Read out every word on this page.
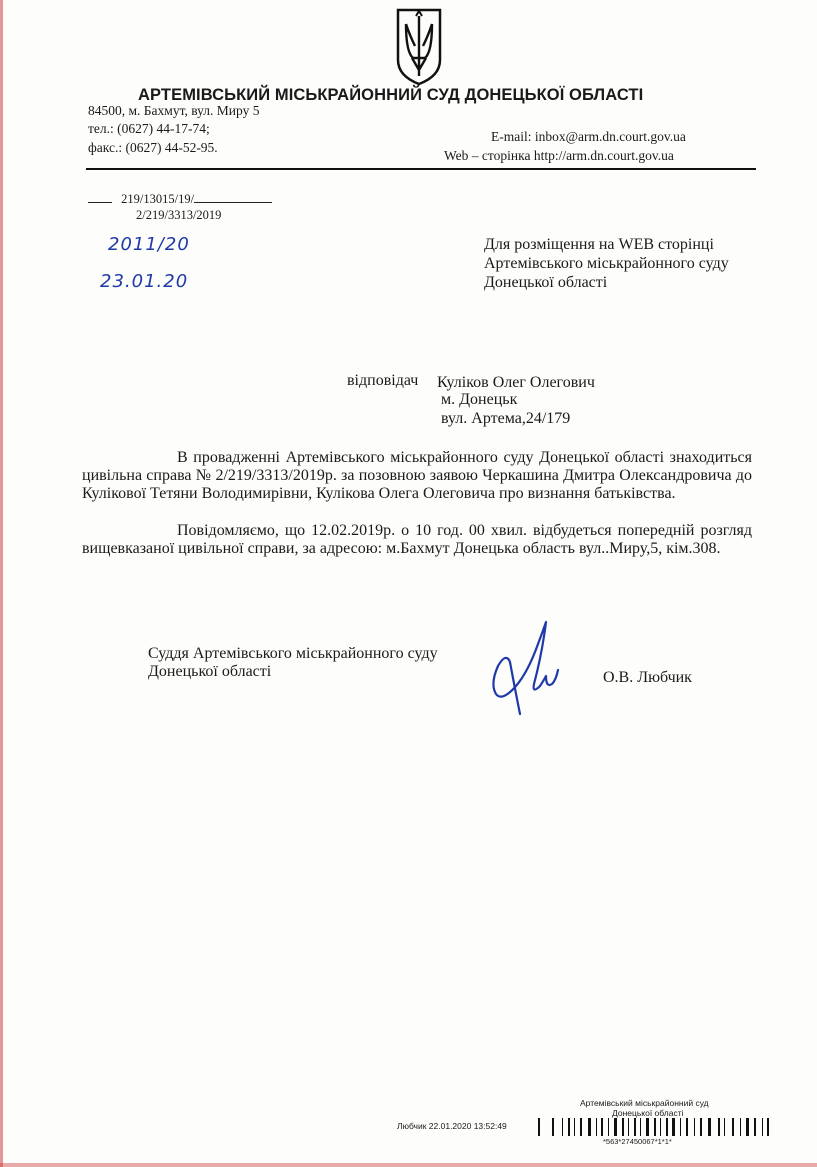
АРТЕМІВСЬКИЙ МІСЬКРАЙОННИЙ СУД ДОНЕЦЬКОЇ ОБЛАСТІ
84500, м. Бахмут, вул. Миру 5
тел.: (0627) 44-17-74;
факс.: (0627) 44-52-95.
E-mail: inbox@arm.dn.court.gov.ua
Web – сторінка http://arm.dn.court.gov.ua
219/13015/19/
2/219/3313/2019
2011/20
23.01.20
Для розміщення на WEB сторінці
Артемівського міськрайонного суду
Донецької області
відповідач Куліков Олег Олегович
м. Донецьк
вул. Артема,24/179
В провадженні Артемівського міськрайонного суду Донецької області знаходиться цивільна справа № 2/219/3313/2019р. за позовною заявою Черкашина Дмитра Олександровича до Кулікової Тетяни Володимирівни, Кулікова Олега Олеговича про визнання батьківства.
Повідомляємо, що 12.02.2019р. о 10 год. 00 хвил. відбудеться попередній розгляд вищевказаної цивільної справи, за адресою: м.Бахмут Донецька область вул..Миру,5, кім.308.
Суддя Артемівського міськрайонного суду
Донецької області	О.В. Любчик
Артемівський міськрайонний суд
Донецької області
Любчик 22.01.2020 13:52:49
*563*27450067*1*1*
